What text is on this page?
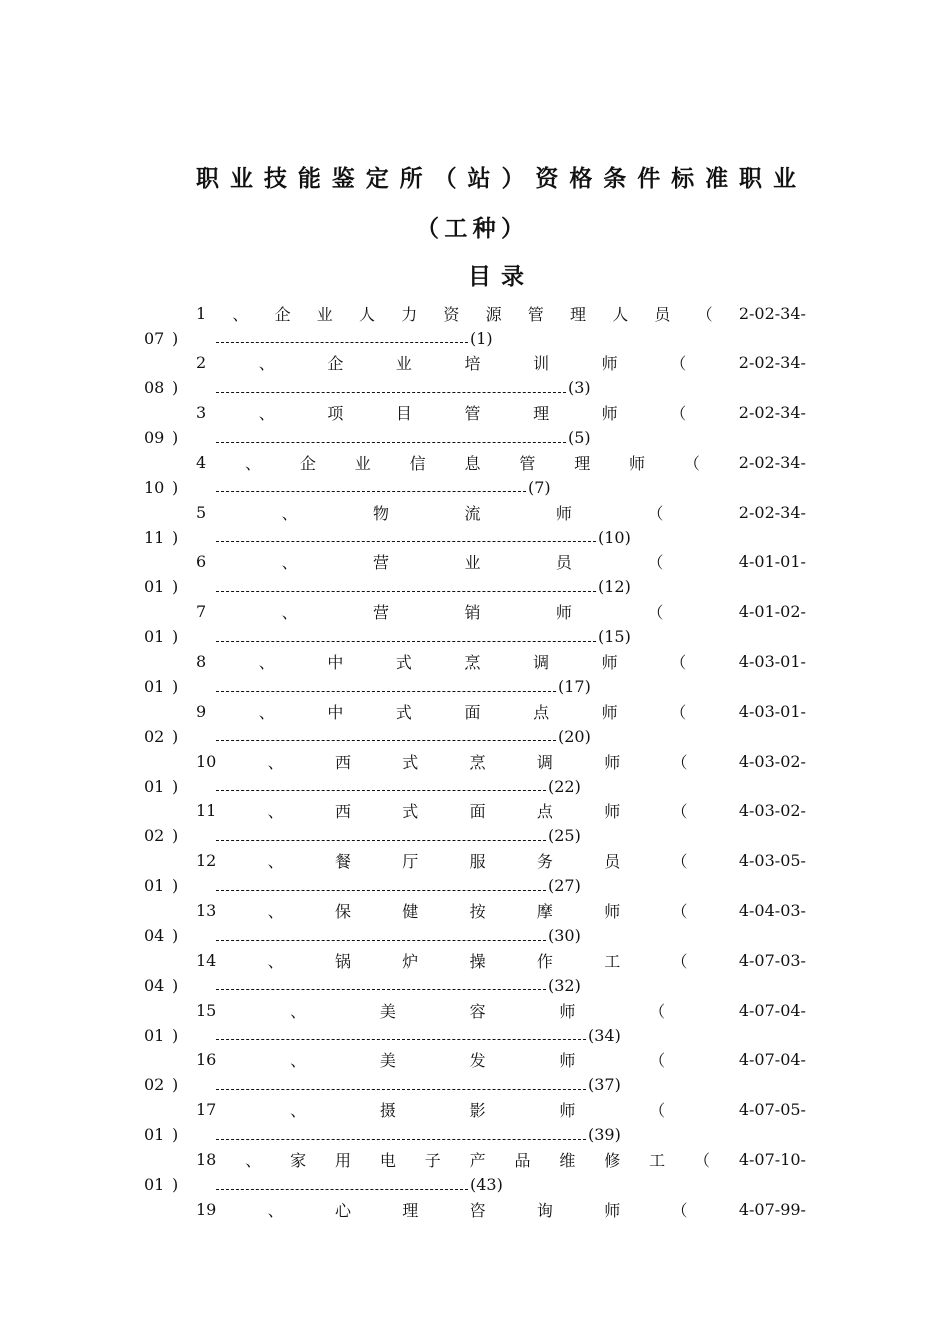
职 业 技 能 鉴 定 所 （ 站 ） 资 格 条 件 标 准 职 业
（ 工 种 ）
目 录
1 、 企 业 人 力 资 源 管 理 人 员 （ 2-02-34-
07 )	(1)
2	、	企	业	培	训	师	（	2-02-34-
08 )	(3)
3	、	项	目	管	理	师	（	2-02-34-
09 )	(5)
4 、 企 业 信 息 管 理 师 （ 2-02-34-
10 )	(7)
5	、	物	流	师	（	2-02-34-
11 )	(10)
6	、	营	业	员	（	4-01-01-
01 )	(12)
7	、	营	销	师	（	4-01-02-
01 )	(15)
8	、	中	式	烹	调	师	（	4-03-01-
01 )	(17)
9	、	中	式	面	点	师	（	4-03-01-
02 )	(20)
10	、	西	式	烹	调	师	（	4-03-02-
01 )	(22)
11	、	西	式	面	点	师	（	4-03-02-
02 )	(25)
12	、	餐	厅	服	务	员	（	4-03-05-
01 )	(27)
13	、	保	健	按	摩	师	（	4-04-03-
04 )	(30)
14	、	锅	炉	操	作	工	（	4-07-03-
04 )	(32)
15	、	美	容	师	（	4-07-04-
01 )	(34)
16	、	美	发	师	（	4-07-04-
02 )	(37)
17	、	摄	影	师	（	4-07-05-
01 )	(39)
18 、 家 用 电 子 产 品 维 修 工 （ 4-07-10-
01 )	(43)
19	、	心	理	咨	询	师	（	4-07-99-
